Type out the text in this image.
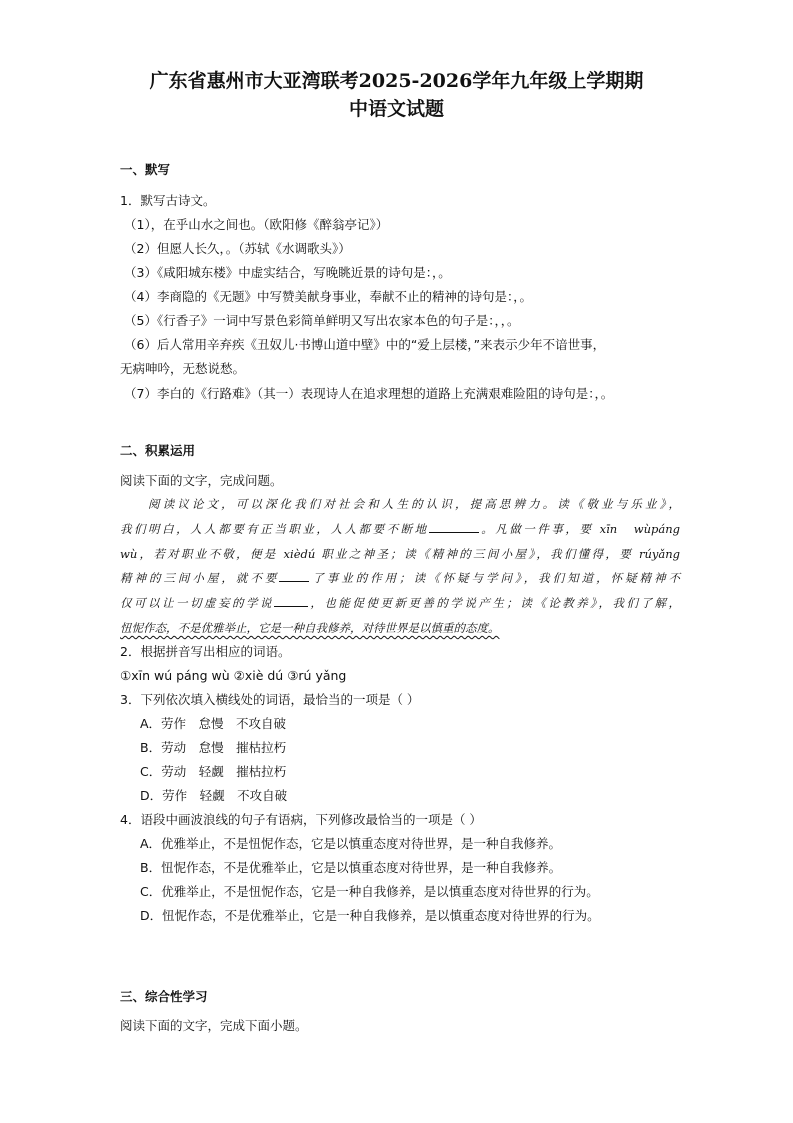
广东省惠州市大亚湾联考2025-2026学年九年级上学期期
中语文试题
一、默写
1．默写古诗文。
（1），在乎山水之间也。（欧阳修《醉翁亭记》）
（2）但愿人长久，。（苏轼《水调歌头》）
（3）《咸阳城东楼》中虚实结合，写晚眺近景的诗句是：，。
（4）李商隐的《无题》中写赞美献身事业，奉献不止的精神的诗句是：，。
（5）《行香子》一词中写景色彩简单鲜明又写出农家本色的句子是：，，。
（6）后人常用辛弃疾《丑奴儿·书博山道中壁》中的“爱上层楼，”来表示少年不谙世事，
无病呻吟，无愁说愁。
（7）李白的《行路难》（其一）表现诗人在追求理想的道路上充满艰难险阻的诗句是：，。
二、积累运用
阅读下面的文字，完成问题。
阅读议论文，可以深化我们对社会和人生的认识，提高思辨力。读《敬业与乐业》，
我们明白，人人都要有正当职业，人人都要不断地	。凡做一件事，要 xīn　wùpáng
wù，若对职业不敬，便是 xièdú 职业之神圣；读《精神的三间小屋》，我们懂得，要 rúyǎng
精神的三间小屋，就不要	了事业的作用；读《怀疑与学问》，我们知道，怀疑精神不
仅可以让一切虚妄的学说	，也能促使更新更善的学说产生；读《论教养》，我们了解，
忸怩作态，不是优雅举止，它是一种自我修养，对待世界是以慎重的态度。
2．根据拼音写出相应的词语。
①xīn wú páng wù ②xiè dú ③rú yǎng
3．下列依次填入横线处的词语，最恰当的一项是（ ）
A．劳作　怠慢　不攻自破
B．劳动　怠慢　摧枯拉朽
C．劳动　轻觑　摧枯拉朽
D．劳作　轻觑　不攻自破
4．语段中画波浪线的句子有语病，下列修改最恰当的一项是（ ）
A．优雅举止，不是忸怩作态，它是以慎重态度对待世界，是一种自我修养。
B．忸怩作态，不是优雅举止，它是以慎重态度对待世界，是一种自我修养。
C．优雅举止，不是忸怩作态，它是一种自我修养，是以慎重态度对待世界的行为。
D．忸怩作态，不是优雅举止，它是一种自我修养，是以慎重态度对待世界的行为。
三、综合性学习
阅读下面的文字，完成下面小题。
